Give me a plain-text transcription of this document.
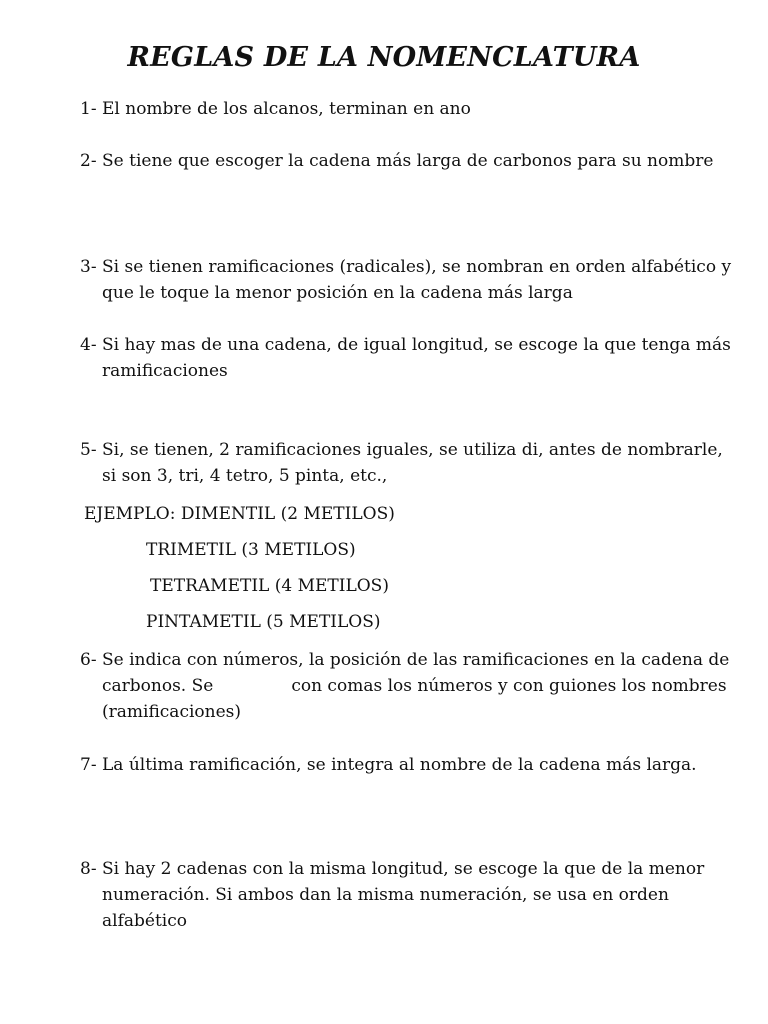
REGLAS DE LA NOMENCLATURA
1- El nombre de los alcanos, terminan en ano
2- Se tiene que escoger la cadena más larga de carbonos para su nombre
3- Si se tienen ramificaciones (radicales), se nombran en orden alfabético y que le toque la menor posición en la cadena más larga
4- Si hay mas de una cadena, de igual longitud, se escoge la que tenga más ramificaciones
5- Si, se tienen, 2 ramificaciones iguales, se utiliza di, antes de nombrarle, si son 3, tri, 4 tetro, 5 pinta, etc.,
EJEMPLO: DIMENTIL (2 METILOS)
TRIMETIL (3 METILOS)
TETRAMETIL (4 METILOS)
PINTAMETIL (5 METILOS)
6- Se indica con números, la posición de las ramificaciones en la cadena de carbonos. Se	con comas los números y con guiones los nombres (ramificaciones)
7- La última ramificación, se integra al nombre de la cadena más larga.
8- Si hay 2 cadenas con la misma longitud, se escoge la que de la menor numeración. Si ambos dan la misma numeración, se usa en orden alfabético
